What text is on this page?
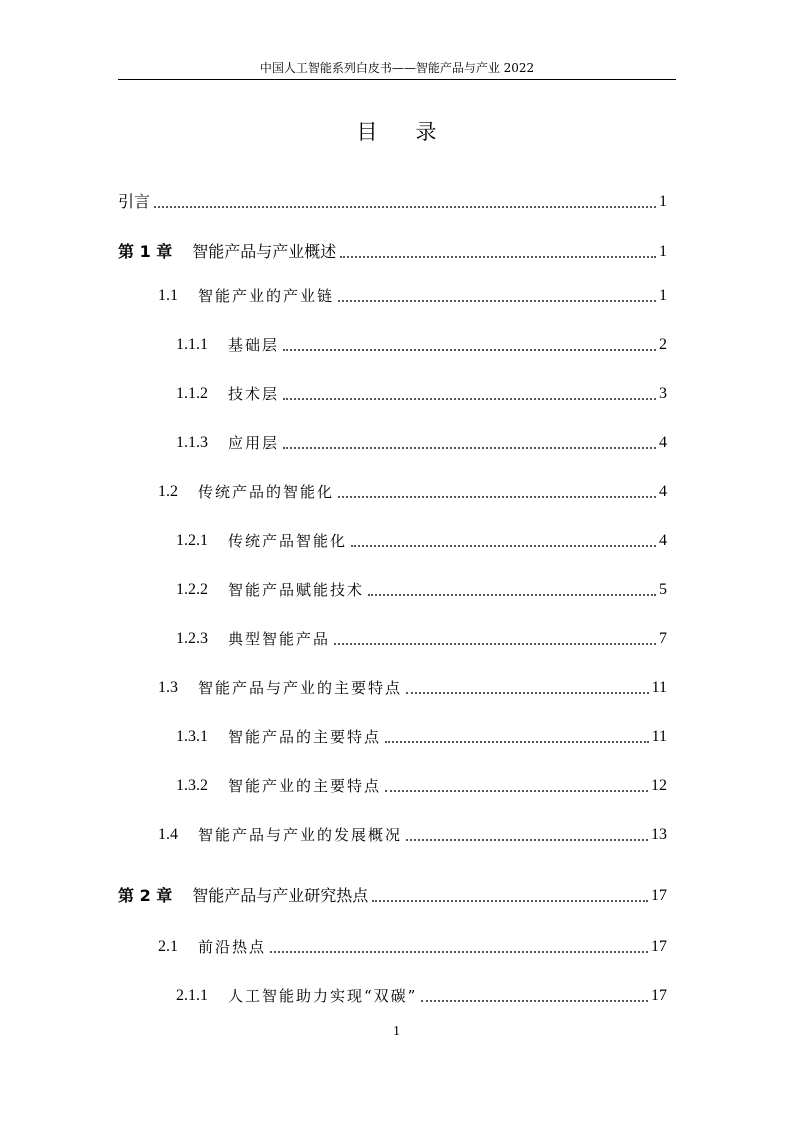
中国人工智能系列白皮书——智能产品与产业 2022
目录
引言	1
第 1 章 智能产品与产业概述	1
1.1 智能产业的产业链	1
1.1.1 基础层	2
1.1.2 技术层	3
1.1.3 应用层	4
1.2 传统产品的智能化	4
1.2.1 传统产品智能化	4
1.2.2 智能产品赋能技术	5
1.2.3 典型智能产品	7
1.3 智能产品与产业的主要特点	11
1.3.1 智能产品的主要特点	11
1.3.2 智能产业的主要特点	12
1.4 智能产品与产业的发展概况	13
第 2 章 智能产品与产业研究热点	17
2.1 前沿热点	17
2.1.1 人工智能助力实现“双碳”	17
1
